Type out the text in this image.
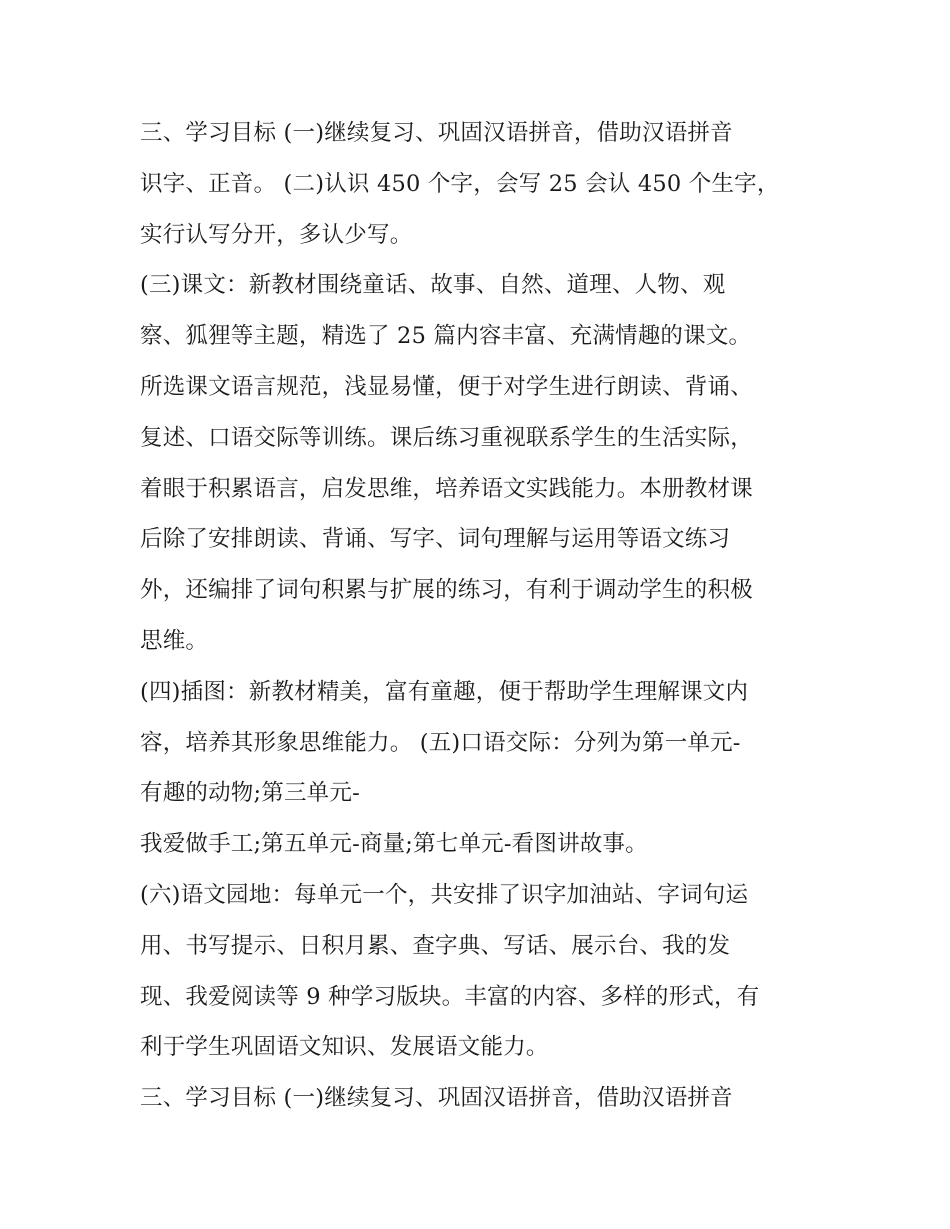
三、学习目标 (一)继续复习、巩固汉语拼音，借助汉语拼音
识字、正音。 (二)认识 450 个字，会写 25 会认 450 个生字，
实行认写分开，多认少写。
(三)课文：新教材围绕童话、故事、自然、道理、人物、观
察、狐狸等主题，精选了 25 篇内容丰富、充满情趣的课文。
所选课文语言规范，浅显易懂，便于对学生进行朗读、背诵、
复述、口语交际等训练。课后练习重视联系学生的生活实际，
着眼于积累语言，启发思维，培养语文实践能力。本册教材课
后除了安排朗读、背诵、写字、词句理解与运用等语文练习
外，还编排了词句积累与扩展的练习，有利于调动学生的积极
思维。
(四)插图：新教材精美，富有童趣，便于帮助学生理解课文内
容，培养其形象思维能力。 (五)口语交际：分列为第一单元-
有趣的动物;第三单元-
我爱做手工;第五单元-商量;第七单元-看图讲故事。
(六)语文园地：每单元一个，共安排了识字加油站、字词句运
用、书写提示、日积月累、查字典、写话、展示台、我的发
现、我爱阅读等 9 种学习版块。丰富的内容、多样的形式，有
利于学生巩固语文知识、发展语文能力。
三、学习目标 (一)继续复习、巩固汉语拼音，借助汉语拼音
